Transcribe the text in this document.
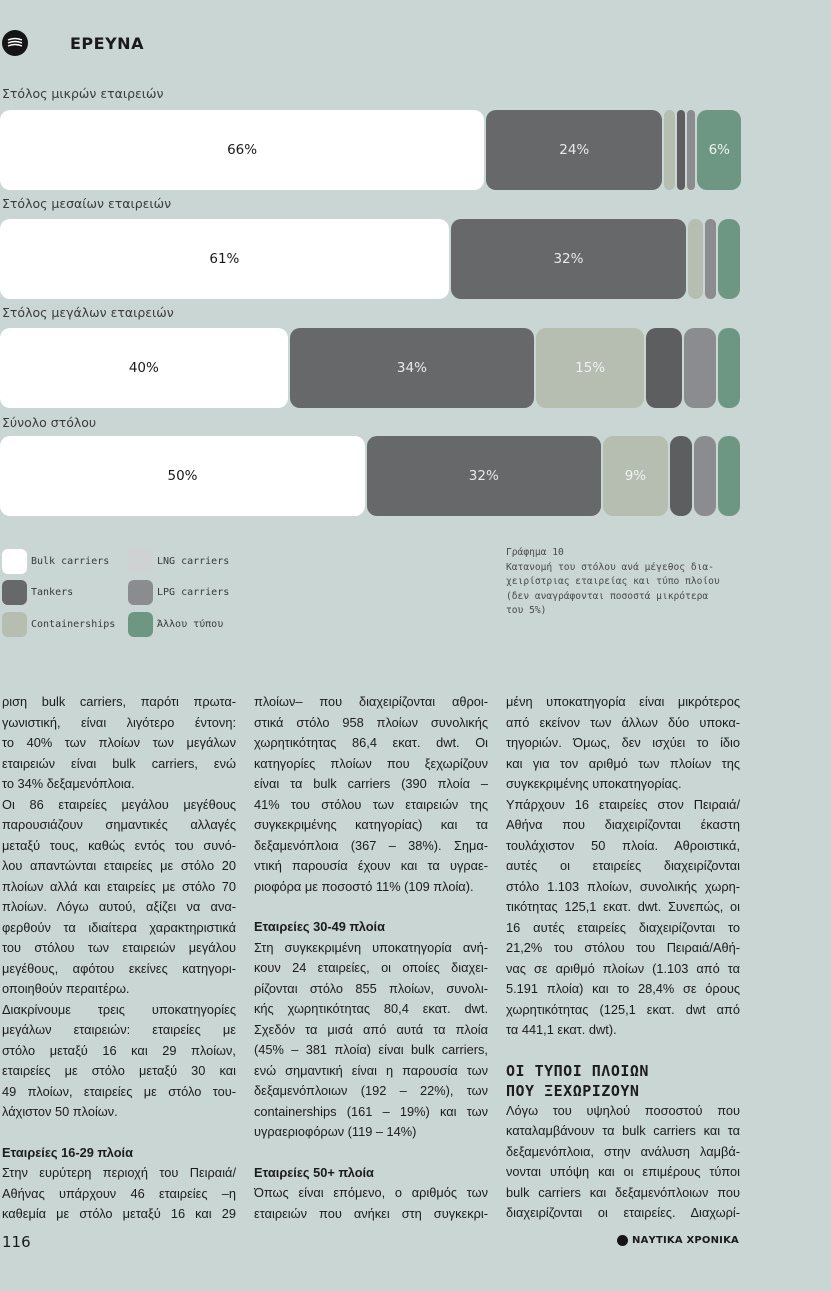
ΕΡΕΥΝΑ
Στόλος μικρών εταιρειών
66%	24%	6%
Στόλος μεσαίων εταιρειών
61%	32%
Στόλος μεγάλων εταιρειών
40%	34%	15%
Σύνολο στόλου
50%	32%	9%
Bulk carriers
Tankers
Containerships
LNG carriers
LPG carriers
Άλλου τύπου
Γράφημα 10
Κατανομή του στόλου ανά μέγεθος δια-
χειρίστριας εταιρείας και τύπο πλοίου
(δεν αναγράφονται ποσοστά μικρότερα
του 5%)
ριση bulk carriers, παρότι πρωτα-
γωνιστική, είναι λιγότερο έντονη:
το 40% των πλοίων των μεγάλων
εταιρειών είναι bulk carriers, ενώ
το 34% δεξαμενόπλοια.
Οι 86 εταιρείες μεγάλου μεγέθους
παρουσιάζουν σημαντικές αλλαγές
μεταξύ τους, καθώς εντός του συνό-
λου απαντώνται εταιρείες με στόλο 20
πλοίων αλλά και εταιρείες με στόλο 70
πλοίων. Λόγω αυτού, αξίζει να ανα-
φερθούν τα ιδιαίτερα χαρακτηριστικά
του στόλου των εταιρειών μεγάλου
μεγέθους, αφότου εκείνες κατηγορι-
οποιηθούν περαιτέρω.
Διακρίνουμε τρεις υποκατηγορίες
μεγάλων εταιρειών: εταιρείες με
στόλο μεταξύ 16 και 29 πλοίων,
εταιρείες με στόλο μεταξύ 30 και
49 πλοίων, εταιρείες με στόλο του-
λάχιστον 50 πλοίων.
Εταιρείες 16-29 πλοία
Στην ευρύτερη περιοχή του Πειραιά/
Αθήνας υπάρχουν 46 εταιρείες –η
καθεμία με στόλο μεταξύ 16 και 29
πλοίων– που διαχειρίζονται αθροι-
στικά στόλο 958 πλοίων συνολικής
χωρητικότητας 86,4 εκατ. dwt. Οι
κατηγορίες πλοίων που ξεχωρίζουν
είναι τα bulk carriers (390 πλοία –
41% του στόλου των εταιρειών της
συγκεκριμένης κατηγορίας) και τα
δεξαμενόπλοια (367 – 38%). Σημα-
ντική παρουσία έχουν και τα υγραε-
ριοφόρα με ποσοστό 11% (109 πλοία).
Εταιρείες 30-49 πλοία
Στη συγκεκριμένη υποκατηγορία ανή-
κουν 24 εταιρείες, οι οποίες διαχει-
ρίζονται στόλο 855 πλοίων, συνολι-
κής χωρητικότητας 80,4 εκατ. dwt.
Σχεδόν τα μισά από αυτά τα πλοία
(45% – 381 πλοία) είναι bulk carriers,
ενώ σημαντική είναι η παρουσία των
δεξαμενόπλοιων (192 – 22%), των
containerships (161 – 19%) και των
υγραεριοφόρων (119 – 14%)
Εταιρείες 50+ πλοία
Όπως είναι επόμενο, ο αριθμός των
εταιρειών που ανήκει στη συγκεκρι-
μένη υποκατηγορία είναι μικρότερος
από εκείνον των άλλων δύο υποκα-
τηγοριών. Όμως, δεν ισχύει το ίδιο
και για τον αριθμό των πλοίων της
συγκεκριμένης υποκατηγορίας.
Υπάρχουν 16 εταιρείες στον Πειραιά/
Αθήνα που διαχειρίζονται έκαστη
τουλάχιστον 50 πλοία. Αθροιστικά,
αυτές οι εταιρείες διαχειρίζονται
στόλο 1.103 πλοίων, συνολικής χωρη-
τικότητας 125,1 εκατ. dwt. Συνεπώς, οι
16 αυτές εταιρείες διαχειρίζονται το
21,2% του στόλου του Πειραιά/Αθή-
νας σε αριθμό πλοίων (1.103 από τα
5.191 πλοία) και το 28,4% σε όρους
χωρητικότητας (125,1 εκατ. dwt από
τα 441,1 εκατ. dwt).
ΟΙ ΤΥΠΟΙ ΠΛΟΙΩΝ
ΠΟΥ ΞΕΧΩΡΙΖΟΥΝ
Λόγω του υψηλού ποσοστού που
καταλαμβάνουν τα bulk carriers και τα
δεξαμενόπλοια, στην ανάλυση λαμβά-
νονται υπόψη και οι επιμέρους τύποι
bulk carriers και δεξαμενόπλοιων που
διαχειρίζονται οι εταιρείες. Διαχωρί-
116	ΝΑΥΤΙΚΑ ΧΡΟΝΙΚΑ
